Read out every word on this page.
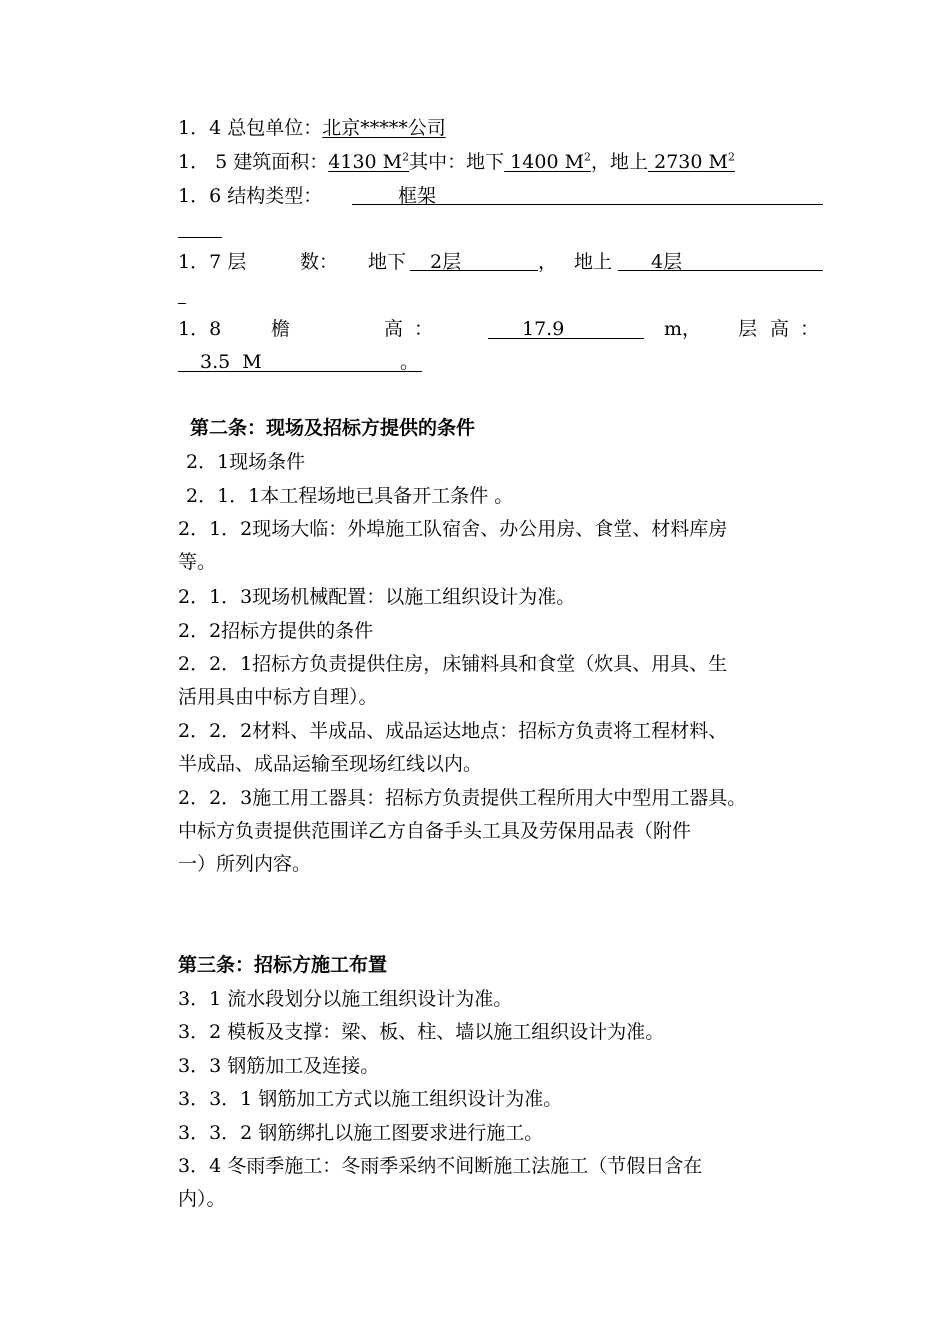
1．4 总包单位：北京*****公司
1． 5 建筑面积：4130 $M^2$其中：地下 1400 $M^2$，地上 2730 $M^2$
1．6 结构类型：	框架
1．7 层	数： 地下 2层	， 地上 4层
1．8	檐	高 ：	17.9	m， 层 高 ：
3.5  M	。
第二条：现场及招标方提供的条件
2．1现场条件
2．1．1本工程场地已具备开工条件 。
2．1．2现场大临：外埠施工队宿舍、办公用房、食堂、材料库房
等。
2．1．3现场机械配置：以施工组织设计为准。
2．2招标方提供的条件
2．2．1招标方负责提供住房，床铺料具和食堂（炊具、用具、生
活用具由中标方自理）。
2．2．2材料、半成品、成品运达地点：招标方负责将工程材料、
半成品、成品运输至现场红线以内。
2．2．3施工用工器具：招标方负责提供工程所用大中型用工器具。
中标方负责提供范围详乙方自备手头工具及劳保用品表（附件
一）所列内容。
第三条：招标方施工布置
3．1 流水段划分以施工组织设计为准。
3．2 模板及支撑：梁、板、柱、墙以施工组织设计为准。
3．3 钢筋加工及连接。
3．3．1 钢筋加工方式以施工组织设计为准。
3．3．2 钢筋绑扎以施工图要求进行施工。
3．4 冬雨季施工：冬雨季采纳不间断施工法施工（节假日含在
内）。
